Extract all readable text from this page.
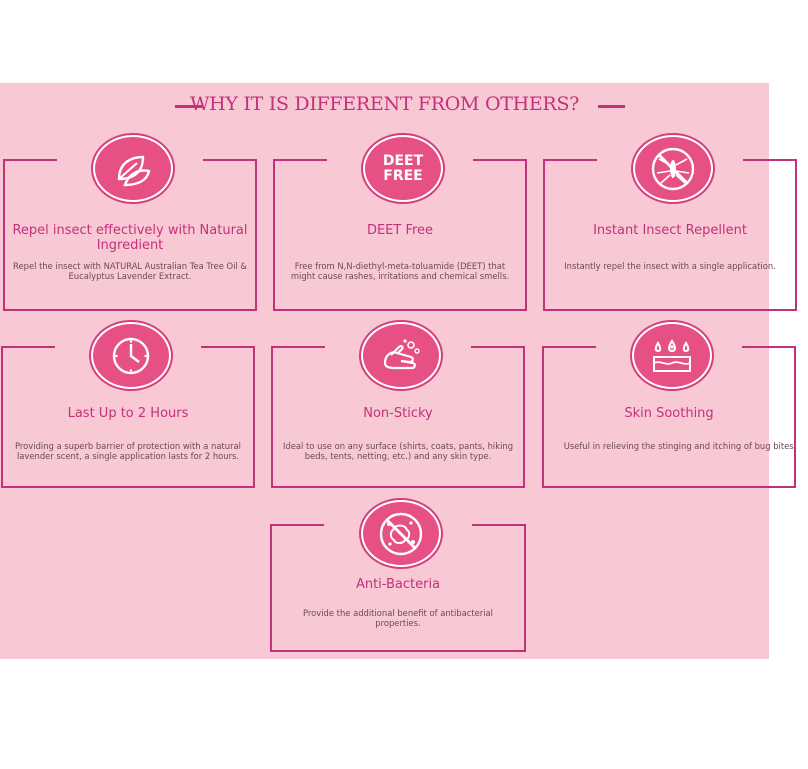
WHY IT IS DIFFERENT FROM OTHERS?
Repel insect effectively with Natural Ingredient
Repel the insect with NATURAL Australian Tea Tree Oil & Eucalyptus Lavender Extract.
DEET
FREE
DEET Free
Free from N,N-diethyl-meta-toluamide (DEET) that might cause rashes, irritations and chemical smells.
Instant Insect Repellent
Instantly repel the insect with a single application.
Last Up to 2 Hours
Providing a superb barrier of protection with a natural lavender scent, a single application lasts for 2 hours.
Non-Sticky
Ideal to use on any surface (shirts, coats, pants, hiking beds, tents, netting, etc.) and any skin type.
Skin Soothing
Useful in relieving the stinging and itching of bug bites.
Anti-Bacteria
Provide the additional benefit of antibacterial properties.
